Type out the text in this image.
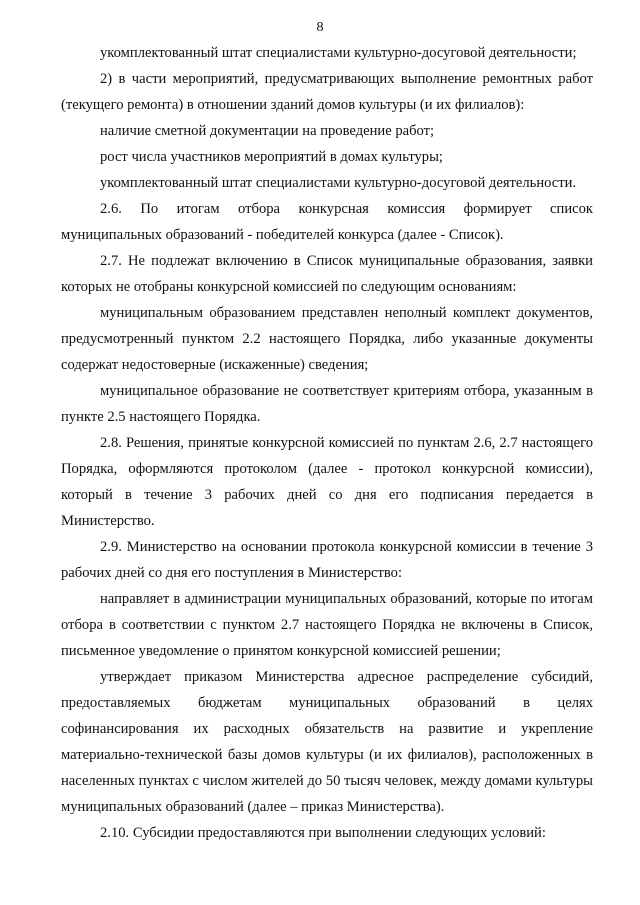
8

укомплектованный штат специалистами культурно-досуговой деятельности;

2) в части мероприятий, предусматривающих выполнение ремонтных работ (текущего ремонта) в отношении зданий домов культуры (и их филиалов):

наличие сметной документации на проведение работ;

рост числа участников мероприятий в домах культуры;

укомплектованный штат специалистами культурно-досуговой деятельности.

2.6. По итогам отбора конкурсная комиссия формирует список муниципальных образований - победителей конкурса (далее - Список).

2.7. Не подлежат включению в Список муниципальные образования, заявки которых не отобраны конкурсной комиссией по следующим основаниям:

муниципальным образованием представлен неполный комплект документов, предусмотренный пунктом 2.2 настоящего Порядка, либо указанные документы содержат недостоверные (искаженные) сведения;

муниципальное образование не соответствует критериям отбора, указанным в пункте 2.5 настоящего Порядка.

2.8. Решения, принятые конкурсной комиссией по пунктам 2.6, 2.7 настоящего Порядка, оформляются протоколом (далее - протокол конкурсной комиссии), который в течение 3 рабочих дней со дня его подписания передается в Министерство.

2.9. Министерство на основании протокола конкурсной комиссии в течение 3 рабочих дней со дня его поступления в Министерство:

направляет в администрации муниципальных образований, которые по итогам отбора в соответствии с пунктом 2.7 настоящего Порядка не включены в Список, письменное уведомление о принятом конкурсной комиссией решении;

утверждает приказом Министерства адресное распределение субсидий, предоставляемых бюджетам муниципальных образований в целях софинансирования их расходных обязательств на развитие и укрепление материально-технической базы домов культуры (и их филиалов), расположенных в населенных пунктах с числом жителей до 50 тысяч человек, между домами культуры муниципальных образований (далее – приказ Министерства).

2.10. Субсидии предоставляются при выполнении следующих условий:
